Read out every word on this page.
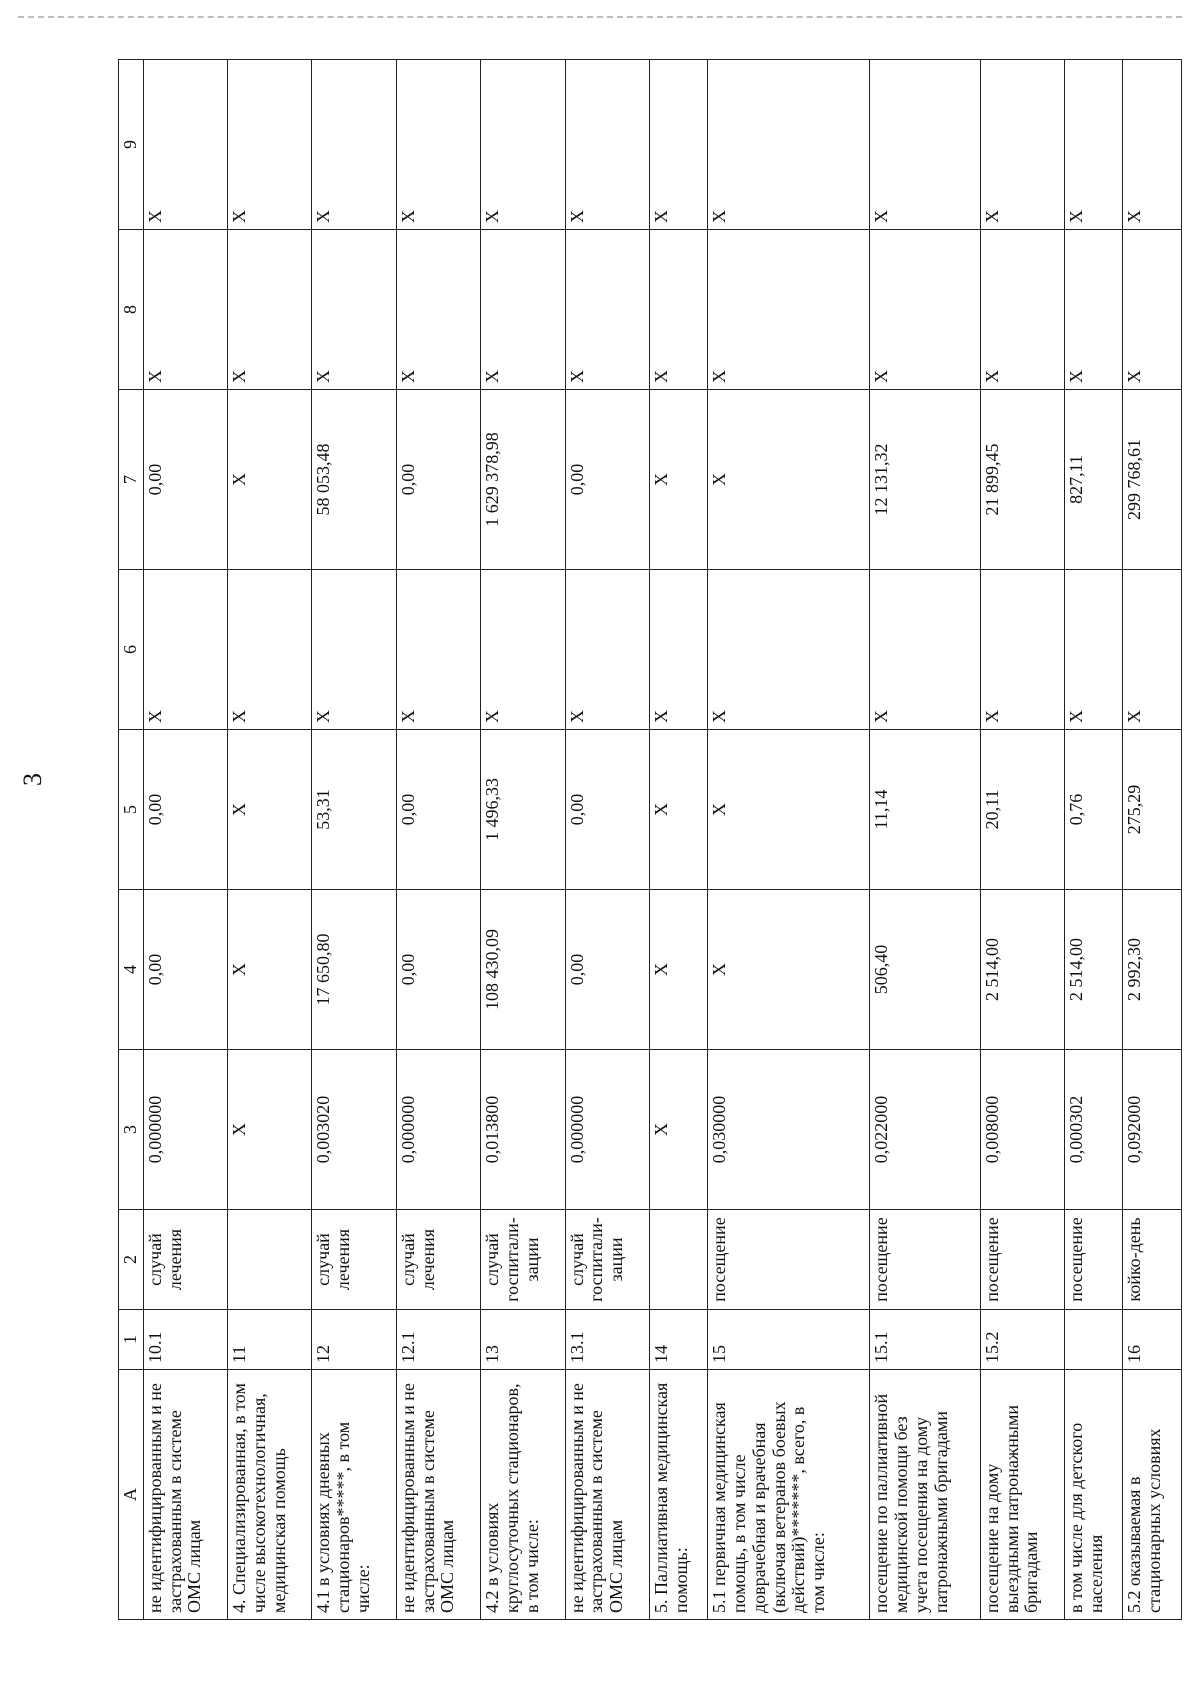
3
А	1	2	3	4	5	6	7	8	9
не идентифицированным и не застрахованным в системе ОМС лицам	10.1	случай лечения	0,000000	0,00	0,00	Х	0,00	Х	Х
4. Специализированная, в том числе высокотехнологичная, медицинская помощь	11		Х	Х	Х	Х	Х	Х	Х
4.1 в условиях дневных стационаров*****, в том числе:	12	случай лечения	0,003020	17 650,80	53,31	Х	58 053,48	Х	Х
не идентифицированным и не застрахованным в системе ОМС лицам	12.1	случай лечения	0,000000	0,00	0,00	Х	0,00	Х	Х
4.2 в условиях круглосуточных стационаров, в том числе:	13	случай госпитали- зации	0,013800	108 430,09	1 496,33	Х	1 629 378,98	Х	Х
не идентифицированным и не застрахованным в системе ОМС лицам	13.1	случай госпитали- зации	0,000000	0,00	0,00	Х	0,00	Х	Х
5. Паллиативная медицинская помощь:	14		Х	Х	Х	Х	Х	Х	Х
5.1 первичная медицинская помощь, в том числе доврачебная и врачебная (включая ветеранов боевых действий)*******, всего, в том числе:	15	посещение	0,030000	Х	Х	Х	Х	Х	Х
посещение по паллиативной медицинской помощи без учета посещения на дому патронажными бригадами	15.1	посещение	0,022000	506,40	11,14	Х	12 131,32	Х	Х
посещение на дому выездными патронажными бригадами	15.2	посещение	0,008000	2 514,00	20,11	Х	21 899,45	Х	Х
в том числе для детского населения		посещение	0,000302	2 514,00	0,76	Х	827,11	Х	Х
5.2 оказываемая в стационарных условиях	16	койко-день	0,092000	2 992,30	275,29	Х	299 768,61	Х	Х
